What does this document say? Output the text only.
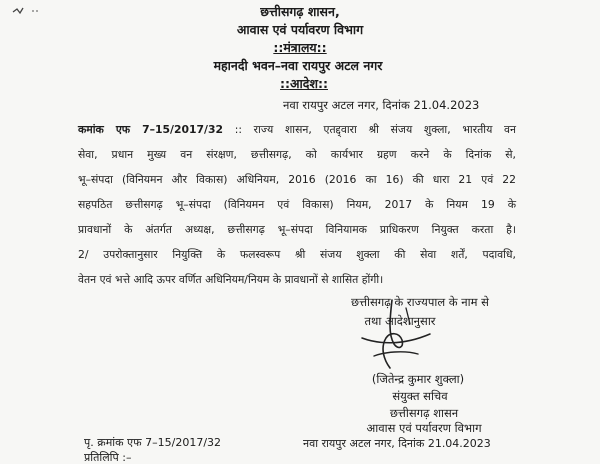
छत्तीसगढ़ शासन,
आवास एवं पर्यावरण विभाग
::मंत्रालय::
महानदी भवन–नवा रायपुर अटल नगर
::आदेश::
नवा रायपुर अटल नगर, दिनांक 21.04.2023
कमांक एफ 7–15/2017/32 :: राज्य शासन, एतद्द्वारा श्री संजय शुक्ला, भारतीय वन
सेवा, प्रधान मुख्य वन संरक्षण, छत्तीसगढ़, को कार्यभार ग्रहण करने के दिनांक से,
भू–संपदा (विनियमन और विकास) अधिनियम, 2016 (2016 का 16) की धारा 21 एवं 22
सहपठित छत्तीसगढ़ भू–संपदा (विनियमन एवं विकास) नियम, 2017 के नियम 19 के
प्रावधानों के अंतर्गत अध्यक्ष, छत्तीसगढ़ भू–संपदा विनियामक प्राधिकरण नियुक्त करता है।
2/ उपरोक्तानुसार नियुक्ति के फलस्वरूप श्री संजय शुक्ला की सेवा शर्तें, पदावधि,
वेतन एवं भत्ते आदि ऊपर वर्णित अधिनियम/नियम के प्रावधानों से शासित होंगी।
छत्तीसगढ़ के राज्यपाल के नाम से
तथा आदेशानुसार
(जितेन्द्र कुमार शुक्ला)
संयुक्त सचिव
छत्तीसगढ़ शासन
आवास एवं पर्यावरण विभाग
पृ. क्रमांक एफ 7–15/2017/32	नवा रायपुर अटल नगर, दिनांक 21.04.2023
प्रतिलिपि :–
